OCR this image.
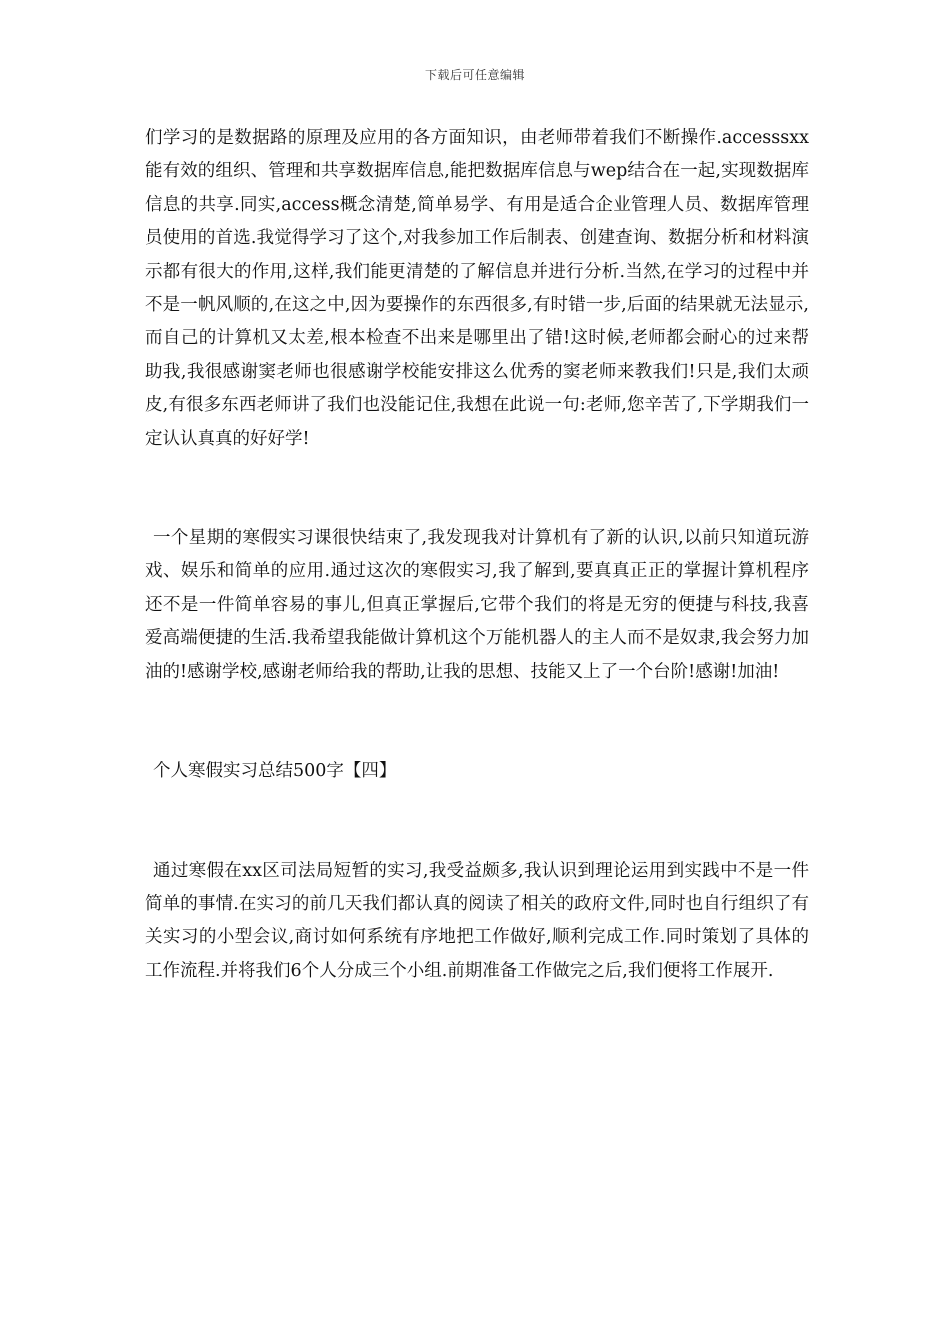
下载后可任意编辑

们学习的是数据路的原理及应用的各方面知识，由老师带着我们不断操作.accesssxx能有效的组织、管理和共享数据库信息,能把数据库信息与wep结合在一起,实现数据库信息的共享.同实,access概念清楚,简单易学、有用是适合企业管理人员、数据库管理员使用的首选.我觉得学习了这个,对我参加工作后制表、创建查询、数据分析和材料演示都有很大的作用,这样,我们能更清楚的了解信息并进行分析.当然,在学习的过程中并不是一帆风顺的,在这之中,因为要操作的东西很多,有时错一步,后面的结果就无法显示,而自己的计算机又太差,根本检查不出来是哪里出了错!这时候,老师都会耐心的过来帮助我,我很感谢窦老师也很感谢学校能安排这么优秀的窦老师来教我们!只是,我们太顽皮,有很多东西老师讲了我们也没能记住,我想在此说一句:老师,您辛苦了,下学期我们一定认认真真的好好学!

一个星期的寒假实习课很快结束了,我发现我对计算机有了新的认识,以前只知道玩游戏、娱乐和简单的应用.通过这次的寒假实习,我了解到,要真真正正的掌握计算机程序还不是一件简单容易的事儿,但真正掌握后,它带个我们的将是无穷的便捷与科技,我喜爱高端便捷的生活.我希望我能做计算机这个万能机器人的主人而不是奴隶,我会努力加油的!感谢学校,感谢老师给我的帮助,让我的思想、技能又上了一个台阶!感谢!加油!

个人寒假实习总结500字【四】

通过寒假在xx区司法局短暂的实习,我受益颇多,我认识到理论运用到实践中不是一件简单的事情.在实习的前几天我们都认真的阅读了相关的政府文件,同时也自行组织了有关实习的小型会议,商讨如何系统有序地把工作做好,顺利完成工作.同时策划了具体的工作流程.并将我们6个人分成三个小组.前期准备工作做完之后,我们便将工作展开.
